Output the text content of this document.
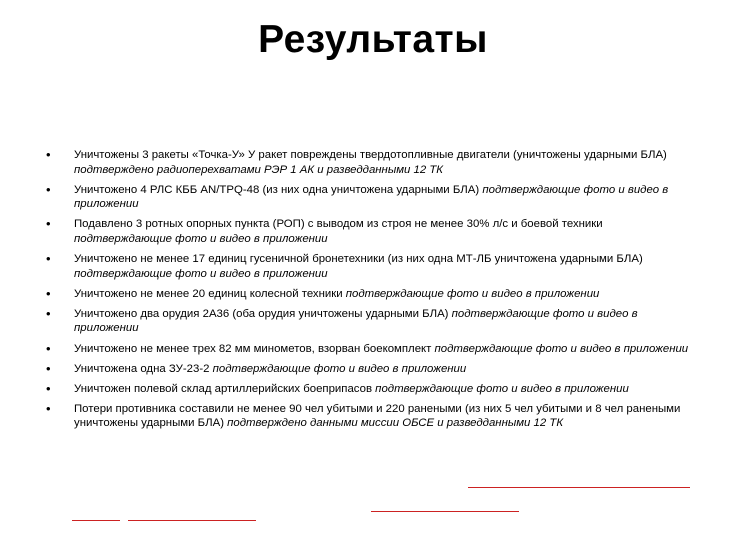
Результаты
• Уничтожены 3 ракеты «Точка-У» У ракет повреждены твердотопливные двигатели (уничтожены ударными БЛА) подтверждено радиоперехватами РЭР 1 АК и разведданными 12 ТК
• Уничтожено 4 РЛС КББ AN/TPQ-48 (из них одна уничтожена ударными БЛА) подтверждающие фото и видео в приложении
• Подавлено 3 ротных опорных пункта (РОП) с выводом из строя не менее 30% л/с и боевой техники подтверждающие фото и видео в приложении
• Уничтожено не менее 17 единиц гусеничной бронетехники (из них одна МТ-ЛБ уничтожена ударными БЛА) подтверждающие фото и видео в приложении
• Уничтожено не менее 20 единиц колесной техники подтверждающие фото и видео в приложении
• Уничтожено два орудия 2А36 (оба орудия уничтожены ударными БЛА) подтверждающие фото и видео в приложении
• Уничтожено не менее трех 82 мм минометов, взорван боекомплект подтверждающие фото и видео в приложении
• Уничтожена одна ЗУ-23-2 подтверждающие фото и видео в приложении
• Уничтожен полевой склад артиллерийских боеприпасов подтверждающие фото и видео в приложении
• Потери противника составили не менее 90 чел убитыми и 220 ранеными (из них 5 чел убитыми и 8 чел ранеными уничтожены ударными БЛА) подтверждено данными миссии ОБСЕ и разведданными 12 ТК
